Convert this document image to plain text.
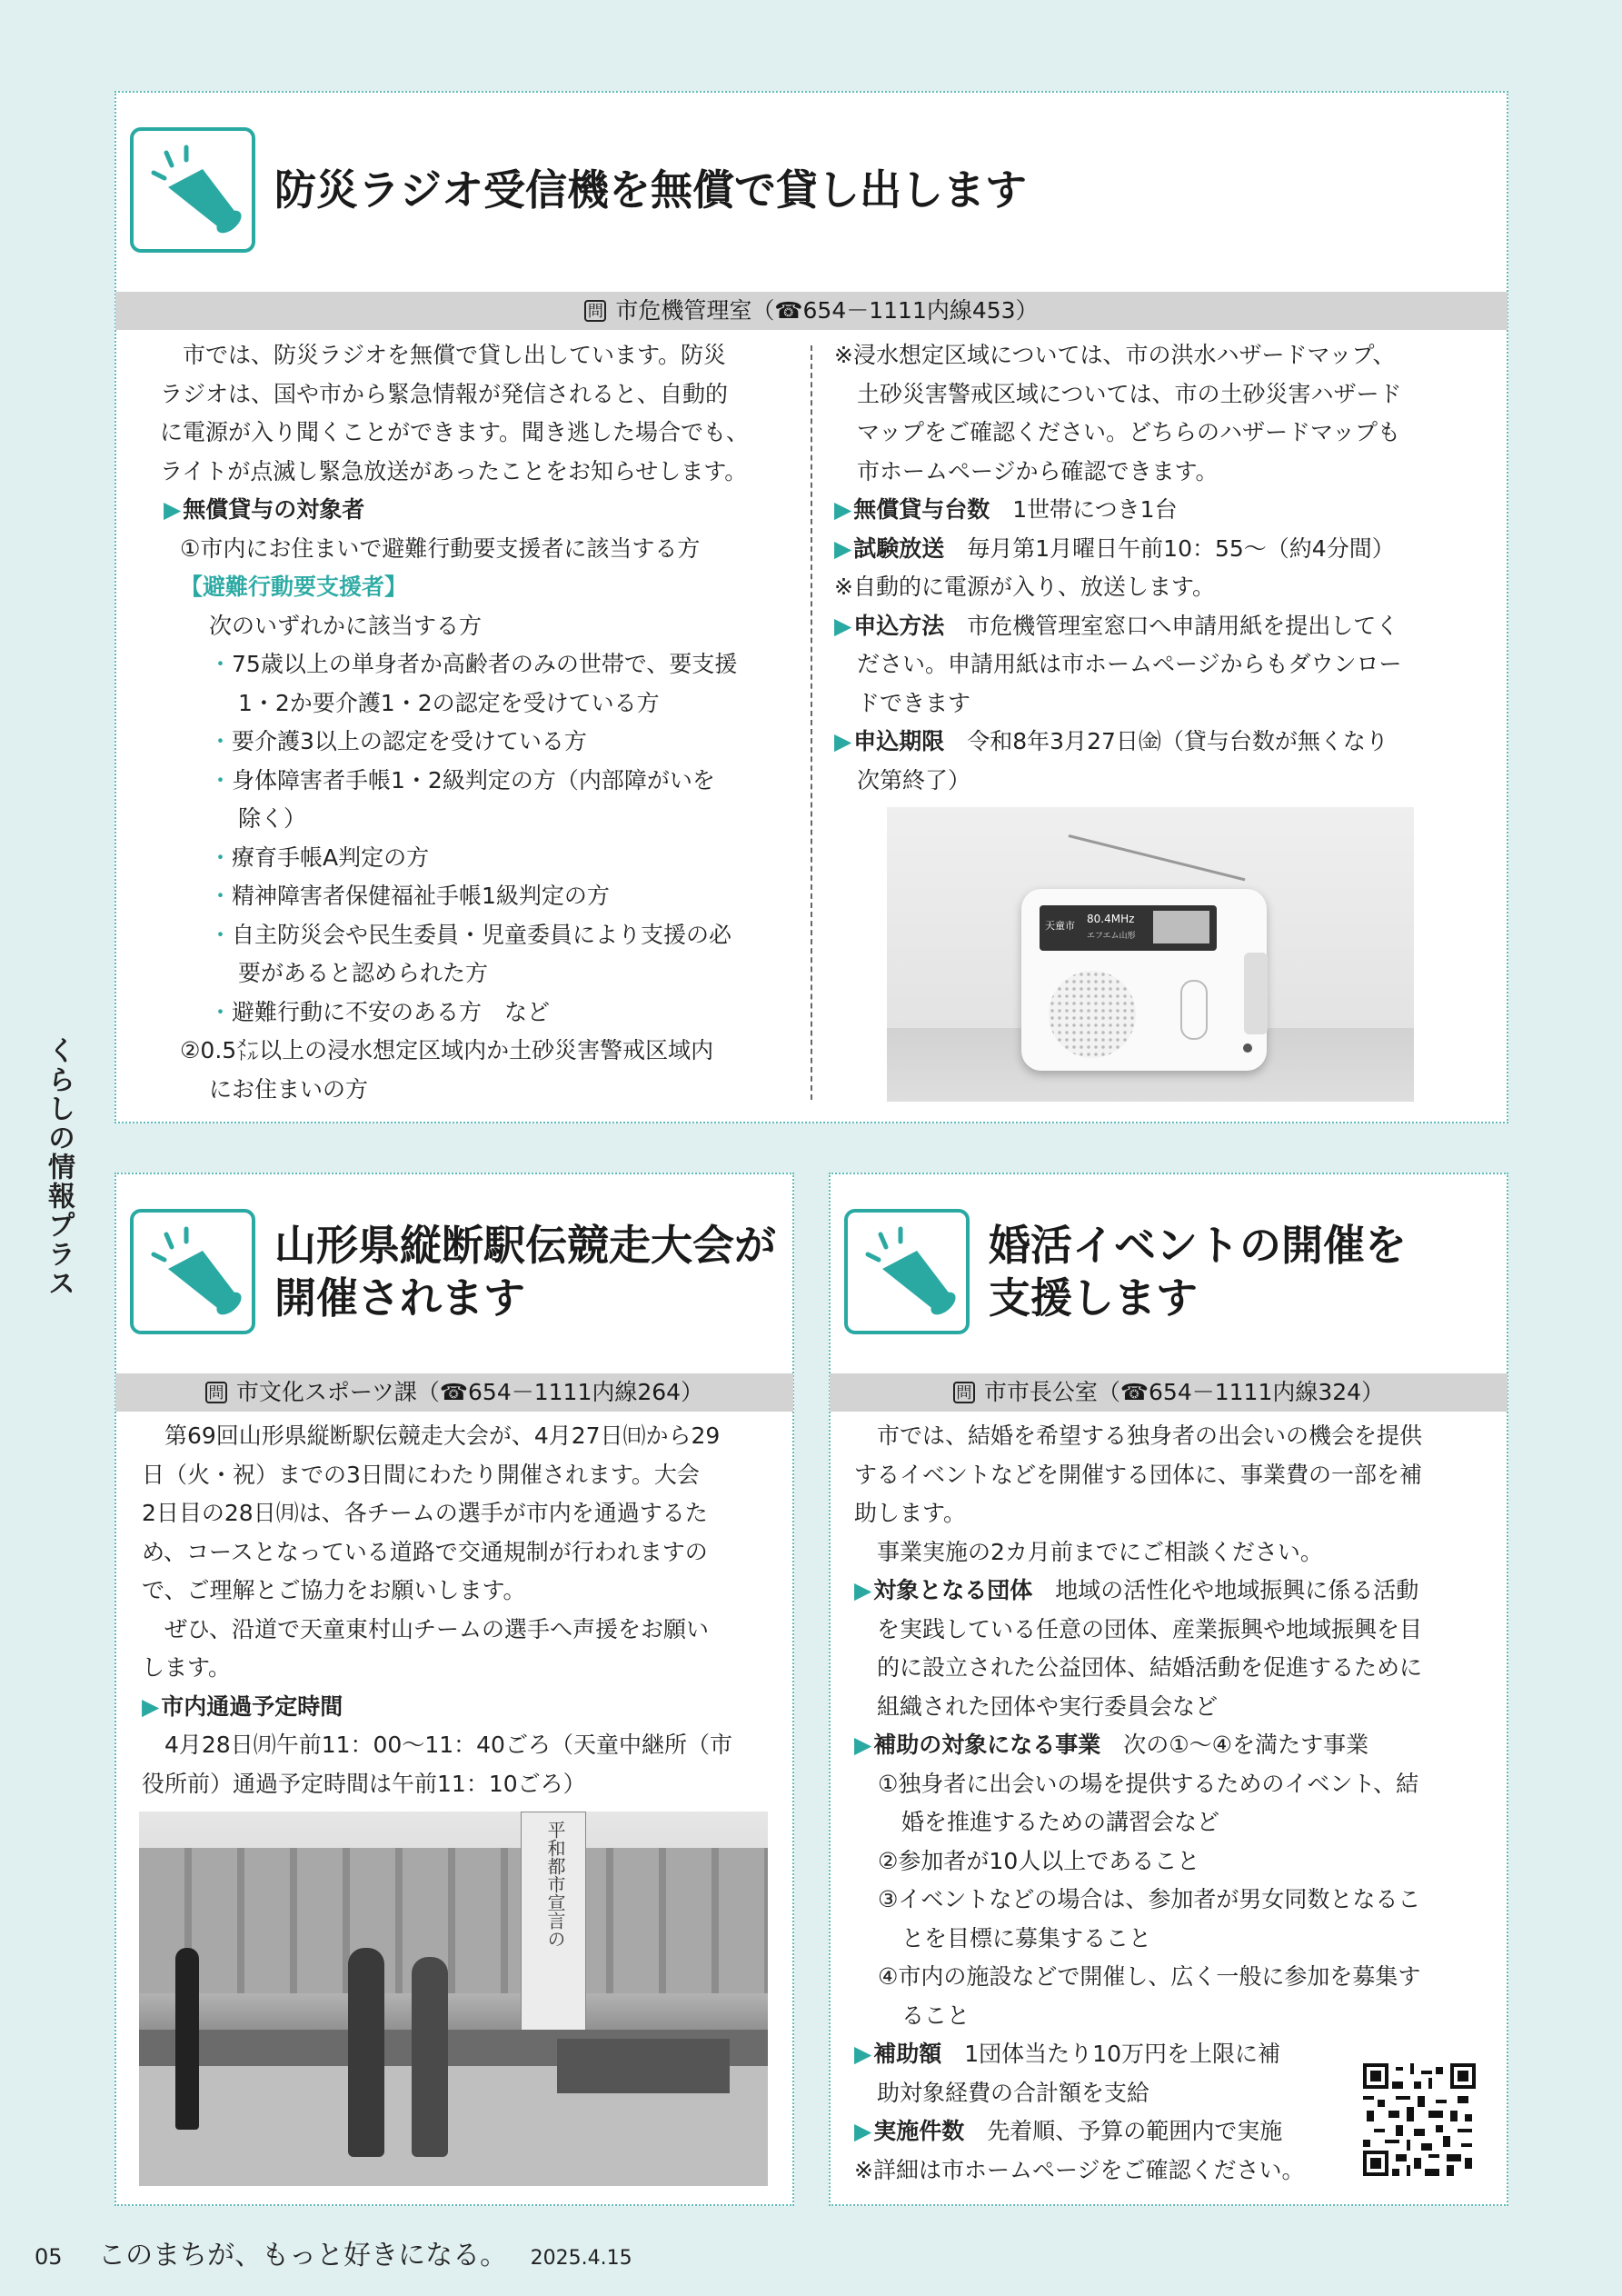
くらしの情報プラス
防災ラジオ受信機を無償で貸し出します
問 市危機管理室（☎654－1111内線453）

市では、防災ラジオを無償で貸し出しています。防災

ラジオは、国や市から緊急情報が発信されると、自動的

に電源が入り聞くことができます。聞き逃した場合でも、

ライトが点滅し緊急放送があったことをお知らせします。

▶ 無償貸与の対象者

①市内にお住まいで避難行動要支援者に該当する方

【避難行動要支援者】

次のいずれかに該当する方

・ 75歳以上の単身者か高齢者のみの世帯で、要支援

1・2か要介護1・2の認定を受けている方

・ 要介護3以上の認定を受けている方

・ 身体障害者手帳1・2級判定の方（内部障がいを

除く）

・ 療育手帳A判定の方

・ 精神障害者保健福祉手帳1級判定の方

・ 自主防災会や民生委員・児童委員により支援の必

要があると認められた方

・ 避難行動に不安のある方　など

②0.5㍍以上の浸水想定区域内か土砂災害警戒区域内

にお住まいの方

※浸水想定区域については、市の洪水ハザードマップ、

土砂災害警戒区域については、市の土砂災害ハザード

マップをご確認ください。どちらのハザードマップも

市ホームページから確認できます。

▶ 無償貸与台数　 1世帯につき1台

▶ 試験放送　 毎月第1月曜日午前10：55～（約4分間）

※自動的に電源が入り、放送します。

▶ 申込方法　 市危機管理室窓口へ申請用紙を提出してく

ださい。申請用紙は市ホームページからもダウンロー

ドできます

▶ 申込期限　 令和8年3月27日㈮（貸与台数が無くなり

次第終了）

天童市
80.4MHz
エフエム山形
山形県縦断駅伝競走大会が
開催されます
問 市文化スポーツ課（☎654－1111内線264）

第69回山形県縦断駅伝競走大会が、4月27日㈰から29

日（火・祝）までの3日間にわたり開催されます。大会

2日目の28日㈪は、各チームの選手が市内を通過するた

め、コースとなっている道路で交通規制が行われますの

で、ご理解とご協力をお願いします。

ぜひ、沿道で天童東村山チームの選手へ声援をお願い

します。

▶ 市内通過予定時間

4月28日㈪午前11：00～11：40ごろ（天童中継所（市

役所前）通過予定時間は午前11：10ごろ）

平和都市宣言の
婚活イベントの開催を
支援します
問 市市長公室（☎654－1111内線324）

市では、結婚を希望する独身者の出会いの機会を提供

するイベントなどを開催する団体に、事業費の一部を補

助します。

事業実施の2カ月前までにご相談ください。

▶ 対象となる団体　 地域の活性化や地域振興に係る活動

を実践している任意の団体、産業振興や地域振興を目

的に設立された公益団体、結婚活動を促進するために

組織された団体や実行委員会など

▶ 補助の対象になる事業　 次の①～④を満たす事業

①独身者に出会いの場を提供するためのイベント、結

婚を推進するための講習会など

②参加者が10人以上であること

③イベントなどの場合は、参加者が男女同数となるこ

とを目標に募集すること

④市内の施設などで開催し、広く一般に参加を募集す

ること

▶ 補助額　 1団体当たり10万円を上限に補

助対象経費の合計額を支給

▶ 実施件数　 先着順、予算の範囲内で実施

※詳細は市ホームページをご確認ください。

05 このまちが、もっと好きになる。 2025.4.15
